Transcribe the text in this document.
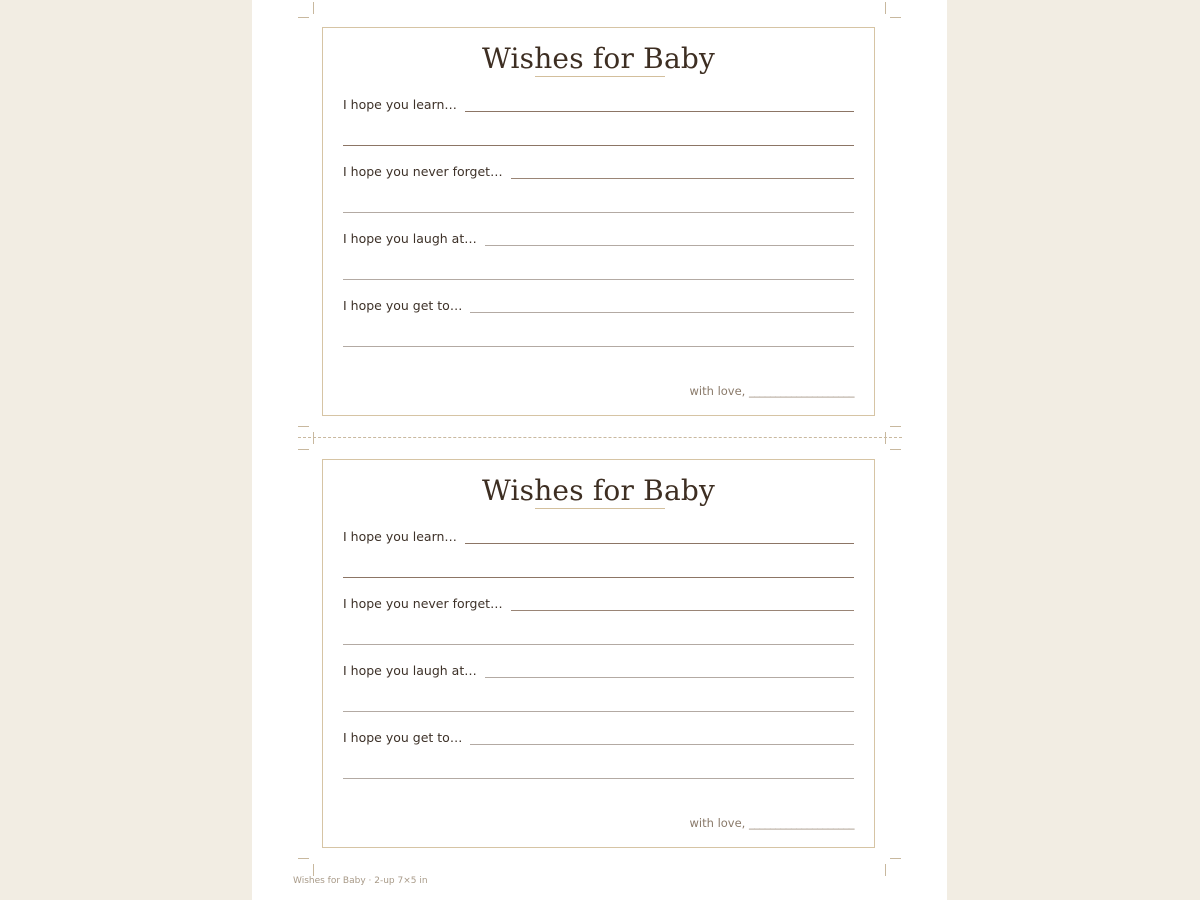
Wishes for Baby
I hope you learn…
I hope you never forget…
I hope you laugh at…
I hope you get to…
with love, ____________________
Wishes for Baby
I hope you learn…
I hope you never forget…
I hope you laugh at…
I hope you get to…
with love, ____________________
Wishes for Baby · 2-up 7×5 in
